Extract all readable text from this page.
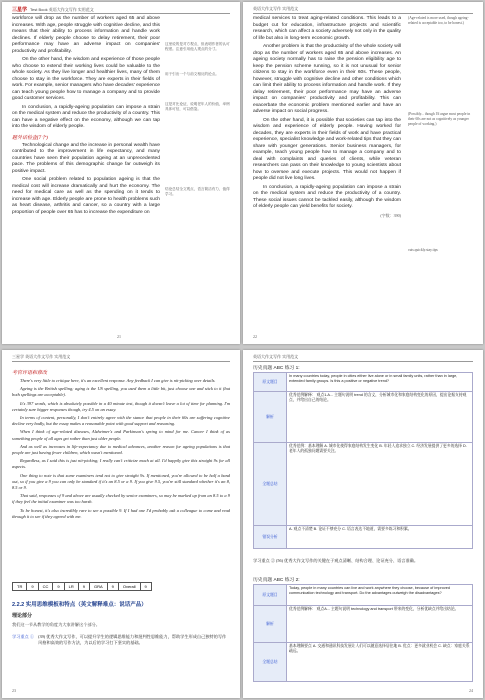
三星学 Test Book 英语大作文写作 实用范文

workforce will drop as the number of workers aged 65 and above increases. With age, people struggle with cognitive decline, and this means that their ability to process information and handle work declines. If elderly people choose to delay retirement, their poor performance may have an adverse impact on companies' productivity and profitability.

On the other hand, the wisdom and experience of those people who choose to extend their working lives could be valuable to the whole society. As they live longer and healthier lives, many of them choose to stay in the workforce. They are experts in their fields of work. For example, senior managers who have decades' experience can teach young people how to manage a company and to provide good customer services.

In conclusion, a rapidly-ageing population can impose a strain on the medical system and reduce the productivity of a country. This can have a negative effect on the economy, although we can tap into the wisdom of elderly people.

题外话检查(7个)

Technological change and the increase in personal wealth have contributed to the improvement in life expectancy, and many countries have seen their population ageing at an unprecedented pace. The problems of this demographic change far outweigh its positive impact.

One social problem related to population ageing is that the medical cost will increase dramatically and hurt the economy. The need for medical care as well as the spending on it tends to increase with age. Elderly people are prone to health problems such as heart disease, arthritis and cancer, so a country with a large proportion of people over 65 has to increase the expenditure on

这里说的是对方观点，但表明作者的认可程度。注意引用他人观点的分寸。
用于引出一个与前文相反的论点。
这是对比论证，说明老年人的价值，举例具体可信，可以借鉴。
结论总结全文观点，语言简洁有力，值得学习。
21
英语大作文写作 实用范文

medical services to treat aging-related conditions. This leads to a budget cut for education, infrastructure projects and scientific research, which can affect a society adversely not only in the quality of life but also in long-term economic growth.

Another problem is that the productivity of the whole society will drop as the number of workers aged 65 and above increases. An ageing society normally has to raise the pension eligibility age to keep the pension scheme running, so it is not unusual for senior citizens to stay in the workforce even in their 60s. These people, however, struggle with cognitive decline and other conditions which can limit their ability to process information and handle work. If they delay retirement, their poor performance may have an adverse impact on companies' productivity and profitability. This can exacerbate the economic problem mentioned earlier and have an adverse impact on social progress.

On the other hand, it is possible that societies can tap into the wisdom and experience of elderly people. Having worked for decades, they are experts in their fields of work and have practical experience, specialist knowledge and work-related tips that they can share with younger generations. Senior business managers, for example, teach young people how to manage a company and to deal with complaints and queries of clients, while veteran researchers can pass on their knowledge to young scientists about how to oversee and execute projects. This would not happen if people did not live long lives.

In conclusion, a rapidly-ageing population can impose a strain on the medical system and reduce the productivity of a country. These social issues cannot be tackled easily, although the wisdom of elderly people can yield benefits for society.

(字数：390)
(Age-related is more used, though ageing-related is acceptable too, to be honest.)
(Possibly... though I'd argue most people in their 60s are not as cognitively as younger people of working.)
cuts.quickly.stay.tips
22
三星学 英语大作文写作 实用范文
考官评语和修改

There's very little to critique here, it's an excellent response. Any feedback I can give is nit-picking over details.

Ageing is the British spelling; aging is the US spelling, you used them a little bit, just choose one and stick to it (but both spellings are acceptable).

It's 397 words, which is absolutely possible in a 40 minute test, though it doesn't leave a lot of time for planning. I'm certainly sure bigger responses though, try 4.5 on an essay.

In terms of content, personally, I don't entirely agree with the stance that people in their 60s are suffering cognitive decline very badly, but the essay makes a reasonable point with good support and reasoning.

When I think of age-related diseases, Alzheimer's and Parkinson's spring to mind for me. Cancer I think of as something people of all ages get rather than just older people.

And as well as increases in life-expectancy due to medical advances, another reason for ageing populations is that people are just having fewer children, which wasn't mentioned.

Regardless, as I said this is just nit-picking; I really can't criticize much at all. I'd happily give this straight 9s for all aspects.

One thing to note is that some examiners tend not to give straight 9s. If mentioned, you're allowed to be half a band out, so if you give a 9 you can only be standard if it's an 8.5 or a 9. If you give 9.5, you're still standard whether it's an 8, 8.5 or 9.

That said, responses of 9 and above are usually checked by senior examiners, so may be marked up from an 8.5 to a 9 if they feel the initial examiner was too harsh.

To be honest, it's also incredibly rare to see a possible 9. If I had one I'd probably ask a colleague to come and read through it to see if they agreed with me.

TR	9	CC	9	LR	9	GRA	9	Overall	9
2.2.2 实用思维模板和特点（英文解释难点：说话产品）
理论部分
我们这一节从教学的角度为大家讲解这个部分。
学习重点 ① (39) 优秀大作文写作，可以提升学生的逻辑思维能力和批判性思维能力，帮助学生形成自己独特的写作风格和高效的写作方法，为以后的学习打下坚实的基础。
23
英语大作文写作 实用范文
历史真题 ABC 练习 1:
原文题目	In many countries today, people in cities either live alone or in small family units, rather than in large, extended family groups. Is this a positive or negative trend?
解析	优秀范例解释： 观点1.A... 主题句说明 trend 的含义，分析城市化和家庭结构变化的原因，提出论据支持观点，并给出自己的结论。
全题总结	优秀范例：基本理解 A. 城市化使得家庭结构发生变化 B. 年轻人追求独立 C. 经济发展提供了更多的选择 D. 老年人的孤独问题需要关注。
错误分析	A. 观点不清楚 B. 论证不够充分 C. 语言表达不地道，需要多练习和积累。
学习重点 ② (56) 优秀大作文写作的关键在于观点清晰、结构合理、论证充分、语言准确。
历史真题 ABC 练习 2:
原文题目	Today, people in many countries can live and work anywhere they choose, because of improved communication technology and transport. Do the advantages outweigh the disadvantages?
解析	优秀范例解释： 观点A... 主题句说明 technology and transport 带来的变化，分析优缺点并给出结论。
全题总结	基本理解要点 A. 交通和通讯科技发展让人们可以随意选择居住地 B. 优点：更多就业机会 C. 缺点：家庭关系疏远。
24
